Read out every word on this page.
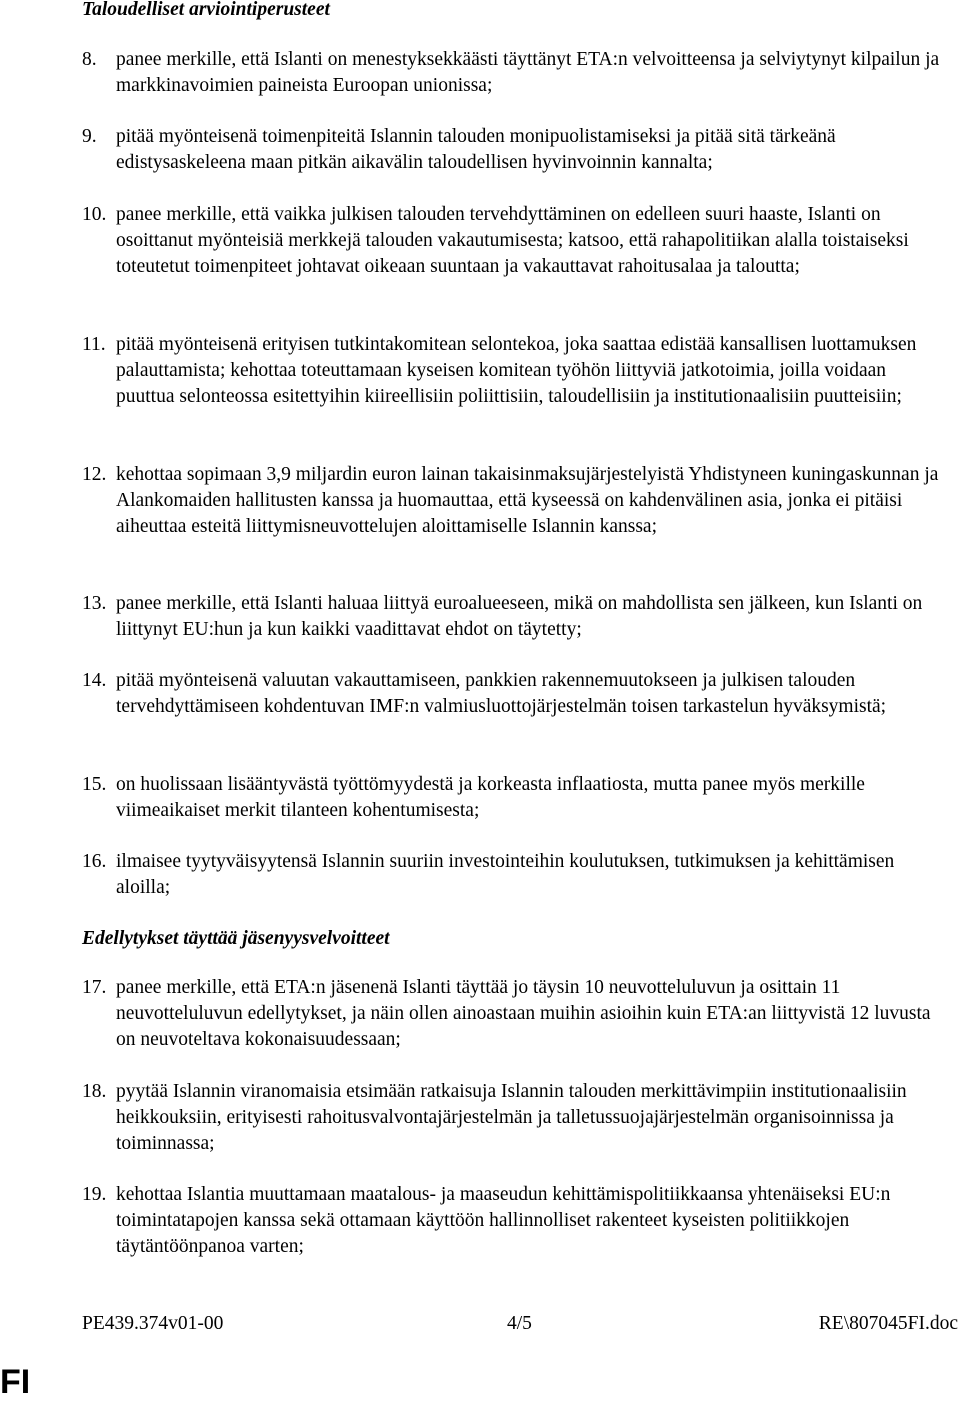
Taloudelliset arviointiperusteet
8. panee merkille, että Islanti on menestyksekkäästi täyttänyt ETA:n velvoitteensa ja selviytynyt kilpailun ja markkinavoimien paineista Euroopan unionissa;
9. pitää myönteisenä toimenpiteitä Islannin talouden monipuolistamiseksi ja pitää sitä tärkeänä edistysaskeleena maan pitkän aikavälin taloudellisen hyvinvoinnin kannalta;
10. panee merkille, että vaikka julkisen talouden tervehdyttäminen on edelleen suuri haaste, Islanti on osoittanut myönteisiä merkkejä talouden vakautumisesta; katsoo, että rahapolitiikan alalla toistaiseksi toteutetut toimenpiteet johtavat oikeaan suuntaan ja vakauttavat rahoitusalaa ja taloutta;
11. pitää myönteisenä erityisen tutkintakomitean selontekoa, joka saattaa edistää kansallisen luottamuksen palauttamista; kehottaa toteuttamaan kyseisen komitean työhön liittyviä jatkotoimia, joilla voidaan puuttua selonteossa esitettyihin kiireellisiin poliittisiin, taloudellisiin ja institutionaalisiin puutteisiin;
12. kehottaa sopimaan 3,9 miljardin euron lainan takaisinmaksujärjestelyistä Yhdistyneen kuningaskunnan ja Alankomaiden hallitusten kanssa ja huomauttaa, että kyseessä on kahdenvälinen asia, jonka ei pitäisi aiheuttaa esteitä liittymisneuvottelujen aloittamiselle Islannin kanssa;
13. panee merkille, että Islanti haluaa liittyä euroalueeseen, mikä on mahdollista sen jälkeen, kun Islanti on liittynyt EU:hun ja kun kaikki vaadittavat ehdot on täytetty;
14. pitää myönteisenä valuutan vakauttamiseen, pankkien rakennemuutokseen ja julkisen talouden tervehdyttämiseen kohdentuvan IMF:n valmiusluottojärjestelmän toisen tarkastelun hyväksymistä;
15. on huolissaan lisääntyvästä työttömyydestä ja korkeasta inflaatiosta, mutta panee myös merkille viimeaikaiset merkit tilanteen kohentumisesta;
16. ilmaisee tyytyväisyytensä Islannin suuriin investointeihin koulutuksen, tutkimuksen ja kehittämisen aloilla;
Edellytykset täyttää jäsenyysvelvoitteet
17. panee merkille, että ETA:n jäsenenä Islanti täyttää jo täysin 10 neuvotteluluvun ja osittain 11 neuvotteluluvun edellytykset, ja näin ollen ainoastaan muihin asioihin kuin ETA:an liittyvistä 12 luvusta on neuvoteltava kokonaisuudessaan;
18. pyytää Islannin viranomaisia etsimään ratkaisuja Islannin talouden merkittävimpiin institutionaalisiin heikkouksiin, erityisesti rahoitusvalvontajärjestelmän ja talletussuojajärjestelmän organisoinnissa ja toiminnassa;
19. kehottaa Islantia muuttamaan maatalous- ja maaseudun kehittämispolitiikkaansa yhtenäiseksi EU:n toimintatapojen kanssa sekä ottamaan käyttöön hallinnolliset rakenteet kyseisten politiikkojen täytäntöönpanoa varten;
PE439.374v01-00	4/5	RE\807045FI.doc
FI
